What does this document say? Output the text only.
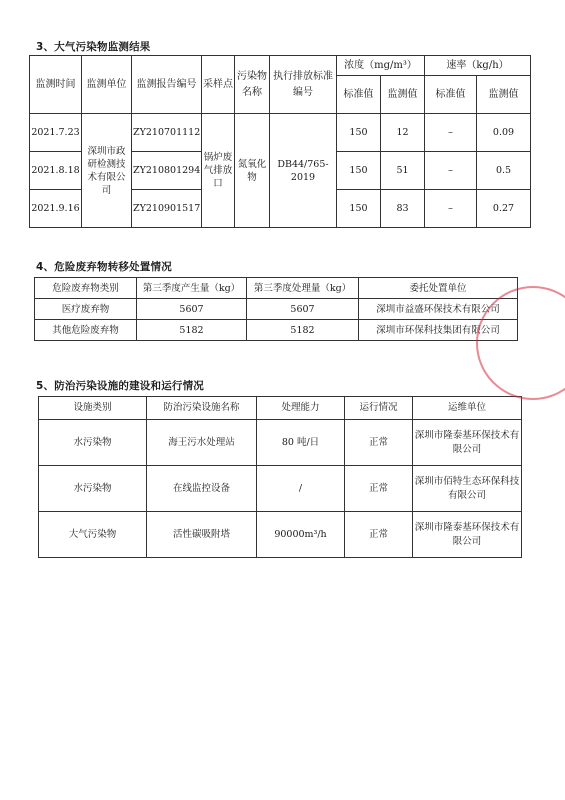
3、大气污染物监测结果
监测时间	监测单位	监测报告编号	采样点	污染物名称	执行排放标准编号	浓度（mg/m³）		速率（kg/h）	
						标准值	监测值	标准值	监测值
2021.7.23	深圳市政研检测技术有限公司	ZY210701112	锅炉废气排放口	氮氧化物	DB44/765-2019	150	12	–	0.09
2021.8.18		ZY210801294				150	51	–	0.5
2021.9.16		ZY210901517				150	83	–	0.27
4、危险废弃物转移处置情况
危险废弃物类别	第三季度产生量（kg）	第三季度处理量（kg）	委托处置单位
医疗废弃物	5607	5607	深圳市益盛环保技术有限公司
其他危险废弃物	5182	5182	深圳市环保科技集团有限公司
5、防治污染设施的建设和运行情况
设施类别	防治污染设施名称	处理能力	运行情况	运维单位
水污染物	海王污水处理站	80 吨/日	正常	深圳市隆泰基环保技术有限公司
水污染物	在线监控设备	/	正常	深圳市佰特生态环保科技有限公司
大气污染物	活性碳吸附塔	90000m³/h	正常	深圳市隆泰基环保技术有限公司
